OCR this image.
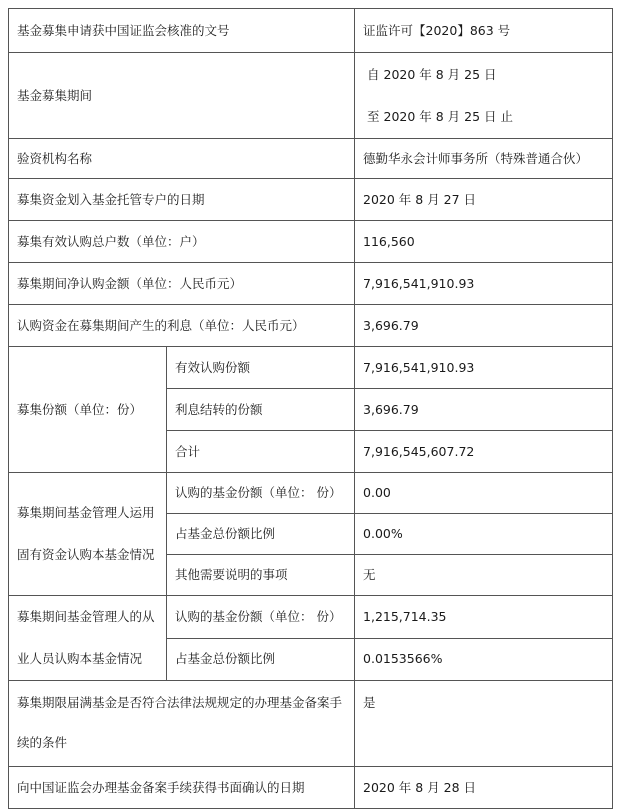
基金募集申请获中国证监会核准的文号		证监许可【2020】863 号
基金募集期间		自 2020 年 8 月 25 日
至 2020 年 8 月 25 日 止

验资机构名称		德勤华永会计师事务所（特殊普通合伙）
募集资金划入基金托管专户的日期		2020 年 8 月 27 日
募集有效认购总户数（单位：户）		116,560
募集期间净认购金额（单位：人民币元）		7,916,541,910.93
认购资金在募集期间产生的利息（单位：人民币元）		3,696.79
募集份额（单位：份）	有效认购份额	7,916,541,910.93
	利息结转的份额	3,696.79
	合计	7,916,545,607.72
募集期间基金管理人运用固有资金认购本基金情况	认购的基金份额（单位： 份）	0.00
	占基金总份额比例	0.00%
	其他需要说明的事项	无
募集期间基金管理人的从业人员认购本基金情况	认购的基金份额（单位： 份）	1,215,714.35
	占基金总份额比例	0.0153566%
募集期限届满基金是否符合法律法规规定的办理基金备案手续的条件		是
向中国证监会办理基金备案手续获得书面确认的日期		2020 年 8 月 28 日
